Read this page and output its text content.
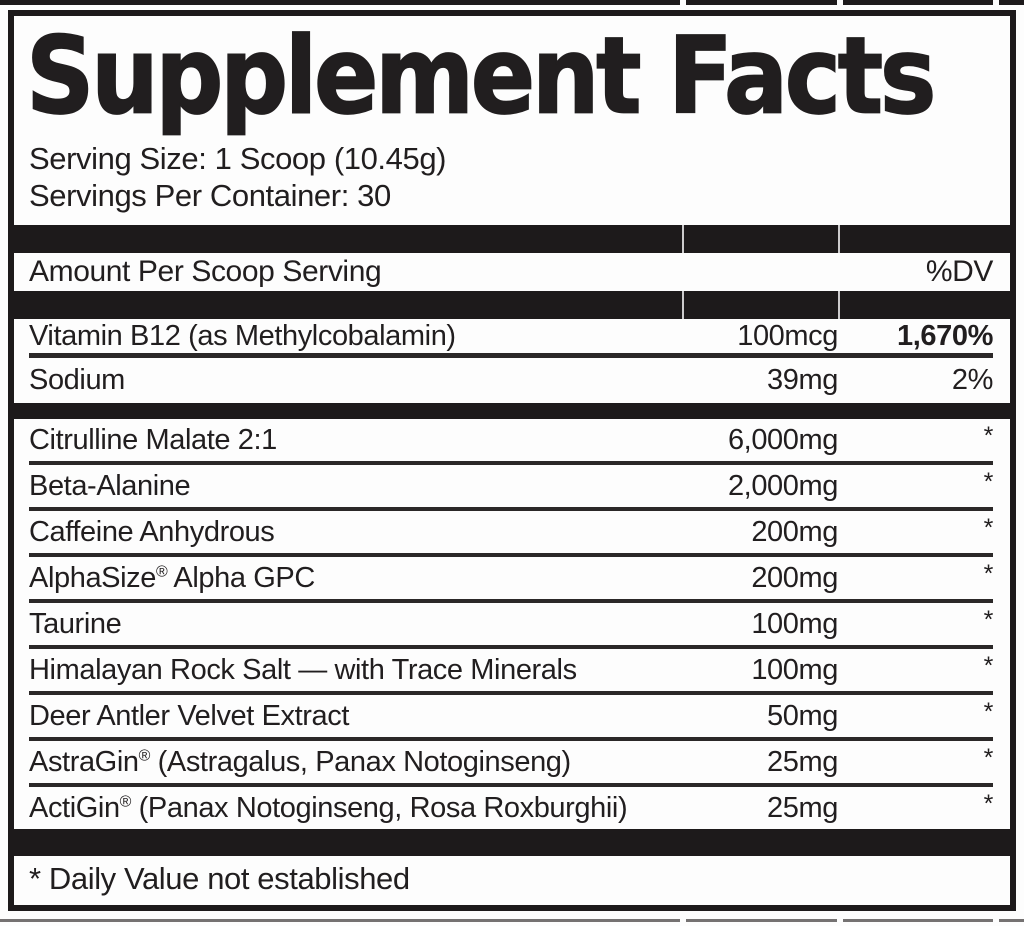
Supplement Facts
Serving Size: 1 Scoop (10.45g)
Servings Per Container: 30
Amount Per Scoop Serving	%DV
Vitamin B12 (as Methylcobalamin)	100mcg	1,670%
Sodium	39mg	2%
Citrulline Malate 2:1	6,000mg	*
Beta-Alanine	2,000mg	*
Caffeine Anhydrous	200mg	*
AlphaSize® Alpha GPC	200mg	*
Taurine	100mg	*
Himalayan Rock Salt — with Trace Minerals	100mg	*
Deer Antler Velvet Extract	50mg	*
AstraGin® (Astragalus, Panax Notoginseng)	25mg	*
ActiGin® (Panax Notoginseng, Rosa Roxburghii)	25mg	*
* Daily Value not established
